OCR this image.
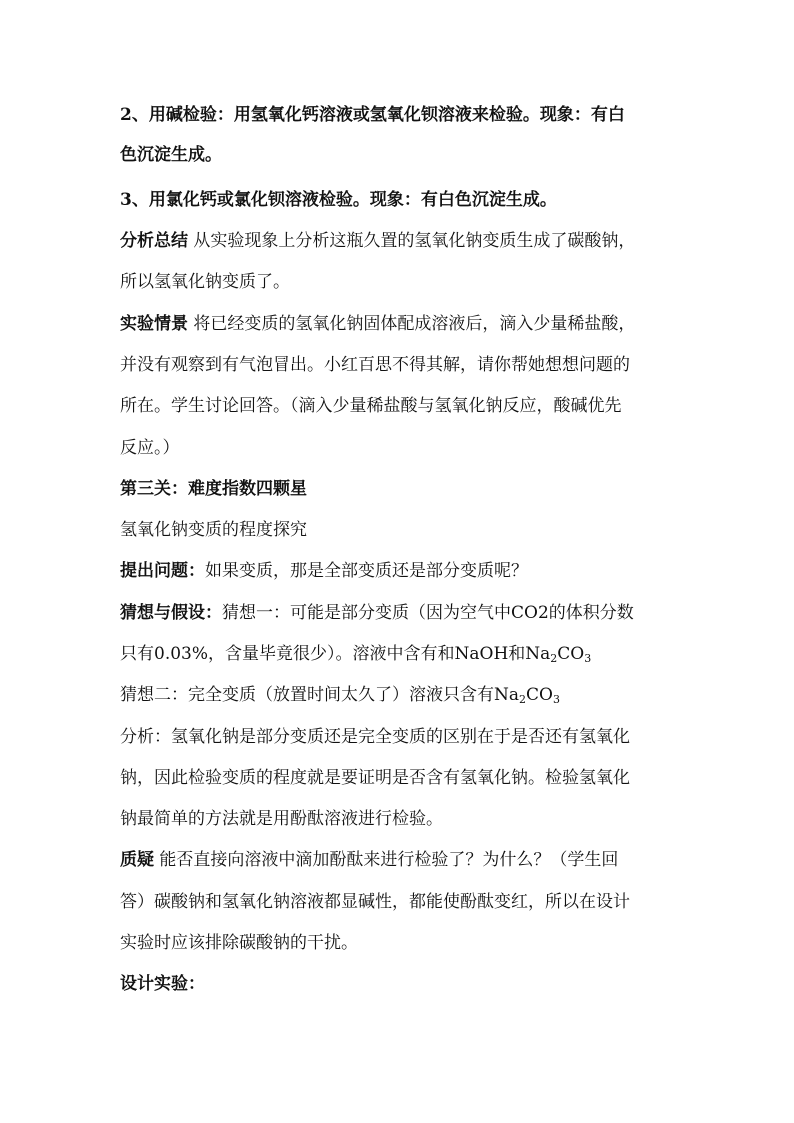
2、用碱检验：用氢氧化钙溶液或氢氧化钡溶液来检验。现象：有白
色沉淀生成。
3、用氯化钙或氯化钡溶液检验。现象：有白色沉淀生成。
分析总结 从实验现象上分析这瓶久置的氢氧化钠变质生成了碳酸钠，
所以氢氧化钠变质了。
实验情景 将已经变质的氢氧化钠固体配成溶液后，滴入少量稀盐酸，
并没有观察到有气泡冒出。小红百思不得其解，请你帮她想想问题的
所在。学生讨论回答。（滴入少量稀盐酸与氢氧化钠反应，酸碱优先
反应。）
第三关：难度指数四颗星
氢氧化钠变质的程度探究
提出问题：如果变质，那是全部变质还是部分变质呢？
猜想与假设：猜想一：可能是部分变质（因为空气中CO2的体积分数
只有0.03%，含量毕竟很少）。溶液中含有和NaOH和$Na_2CO_3$
猜想二：完全变质（放置时间太久了）溶液只含有$Na_2CO_3$
分析：氢氧化钠是部分变质还是完全变质的区别在于是否还有氢氧化
钠，因此检验变质的程度就是要证明是否含有氢氧化钠。检验氢氧化
钠最简单的方法就是用酚酞溶液进行检验。
质疑 能否直接向溶液中滴加酚酞来进行检验了？为什么？（学生回
答）碳酸钠和氢氧化钠溶液都显碱性，都能使酚酞变红，所以在设计
实验时应该排除碳酸钠的干扰。
设计实验：
